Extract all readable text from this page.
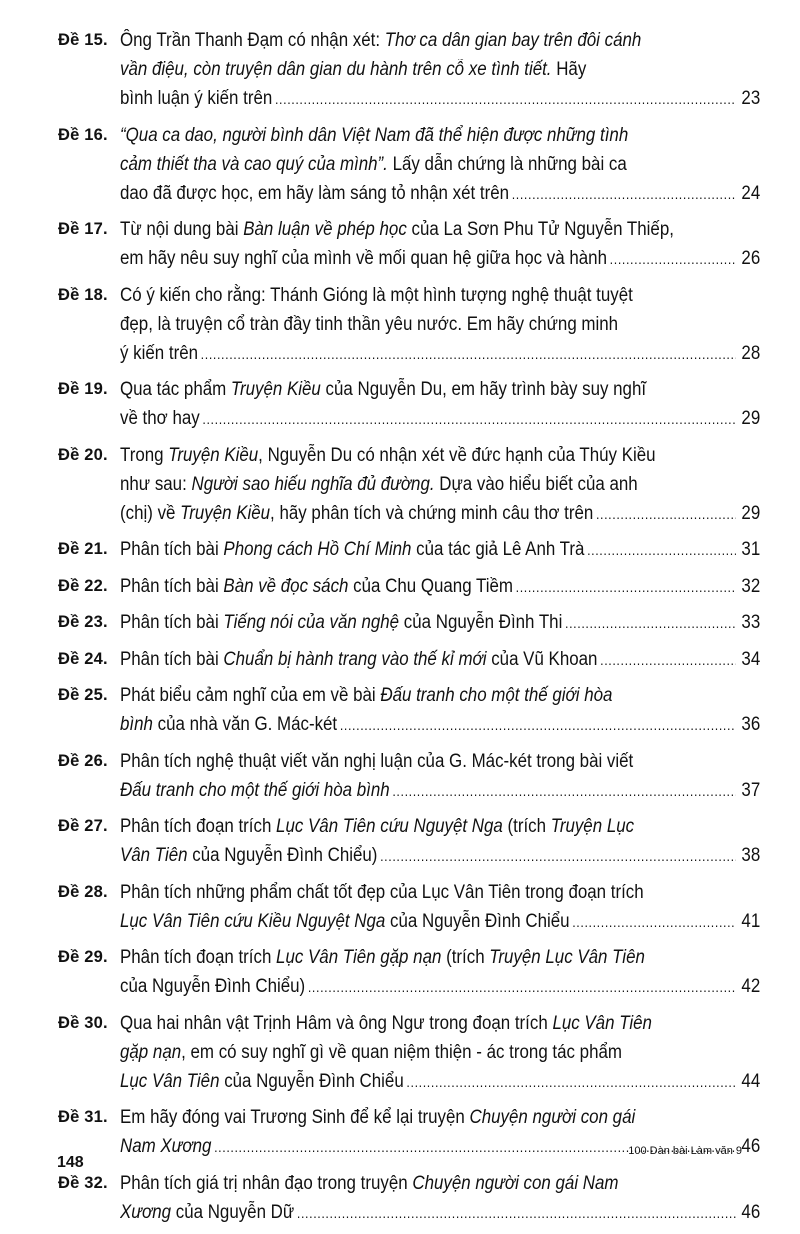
Đề 15. Ông Trần Thanh Đạm có nhận xét: Thơ ca dân gian bay trên đôi cánh
vần điệu, còn truyện dân gian du hành trên cỗ xe tình tiết. Hãy
bình luận ý kiến trên . . .	23
Đề 16. “Qua ca dao, người bình dân Việt Nam đã thể hiện được những tình
cảm thiết tha và cao quý của mình”. Lấy dẫn chứng là những bài ca
dao đã được học, em hãy làm sáng tỏ nhận xét trên . . .	24
Đề 17. Từ nội dung bài Bàn luận về phép học của La Sơn Phu Tử Nguyễn Thiếp,
em hãy nêu suy nghĩ của mình về mối quan hệ giữa học và hành . . .	26
Đề 18. Có ý kiến cho rằng: Thánh Gióng là một hình tượng nghệ thuật tuyệt
đẹp, là truyện cổ tràn đầy tinh thần yêu nước. Em hãy chứng minh
ý kiến trên . . .	28
Đề 19. Qua tác phẩm Truyện Kiều của Nguyễn Du, em hãy trình bày suy nghĩ
về thơ hay . . .	29
Đề 20. Trong Truyện Kiều, Nguyễn Du có nhận xét về đức hạnh của Thúy Kiều
như sau: Người sao hiếu nghĩa đủ đường. Dựa vào hiểu biết của anh
(chị) về Truyện Kiều, hãy phân tích và chứng minh câu thơ trên . . .	29
Đề 21. Phân tích bài Phong cách Hồ Chí Minh của tác giả Lê Anh Trà . . .	31
Đề 22. Phân tích bài Bàn về đọc sách của Chu Quang Tiềm . . .	32
Đề 23. Phân tích bài Tiếng nói của văn nghệ của Nguyễn Đình Thi . . .	33
Đề 24. Phân tích bài Chuẩn bị hành trang vào thế kỉ mới của Vũ Khoan . . .	34
Đề 25. Phát biểu cảm nghĩ của em về bài Đấu tranh cho một thế giới hòa
bình của nhà văn G. Mác-két . . .	36
Đề 26. Phân tích nghệ thuật viết văn nghị luận của G. Mác-két trong bài viết
Đấu tranh cho một thế giới hòa bình . . .	37
Đề 27. Phân tích đoạn trích Lục Vân Tiên cứu Nguyệt Nga (trích Truyện Lục
Vân Tiên của Nguyễn Đình Chiểu) . . .	38
Đề 28. Phân tích những phẩm chất tốt đẹp của Lục Vân Tiên trong đoạn trích
Lục Vân Tiên cứu Kiều Nguyệt Nga của Nguyễn Đình Chiểu . . .	41
Đề 29. Phân tích đoạn trích Lục Vân Tiên gặp nạn (trích Truyện Lục Vân Tiên
của Nguyễn Đình Chiểu) . . .	42
Đề 30. Qua hai nhân vật Trịnh Hâm và ông Ngư trong đoạn trích Lục Vân Tiên
gặp nạn, em có suy nghĩ gì về quan niệm thiện - ác trong tác phẩm
Lục Vân Tiên của Nguyễn Đình Chiểu . . .	44
Đề 31. Em hãy đóng vai Trương Sinh để kể lại truyện Chuyện người con gái
Nam Xương . . .	46
Đề 32. Phân tích giá trị nhân đạo trong truyện Chuyện người con gái Nam
Xương của Nguyễn Dữ . . .	46
148
100 Dàn bài Làm văn 9
